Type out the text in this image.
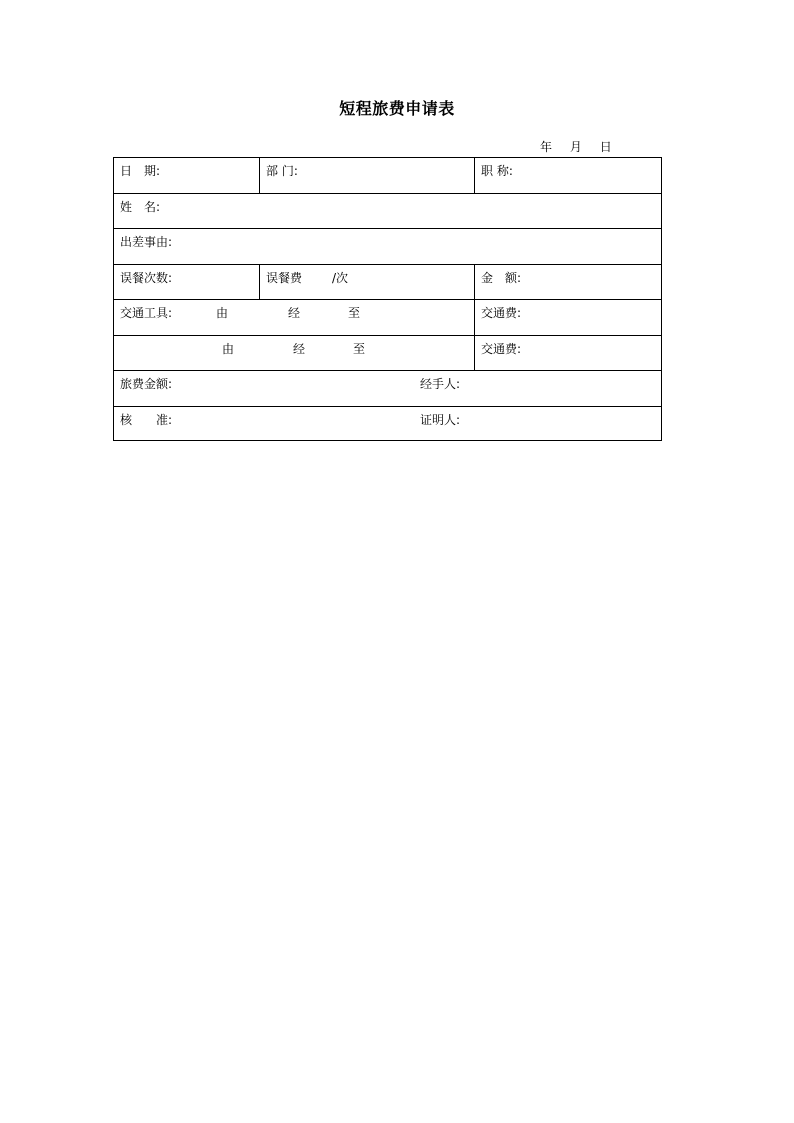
短程旅费申请表
年 月 日
日　期:	部 门:	职 称:
姓　名:
出差事由:
误餐次数:	误餐费 /次	金　额:
交通工具:	由	经	至	交通费:
由	经	至	交通费:
旅费金额:	经手人:
核　　准:	证明人:
